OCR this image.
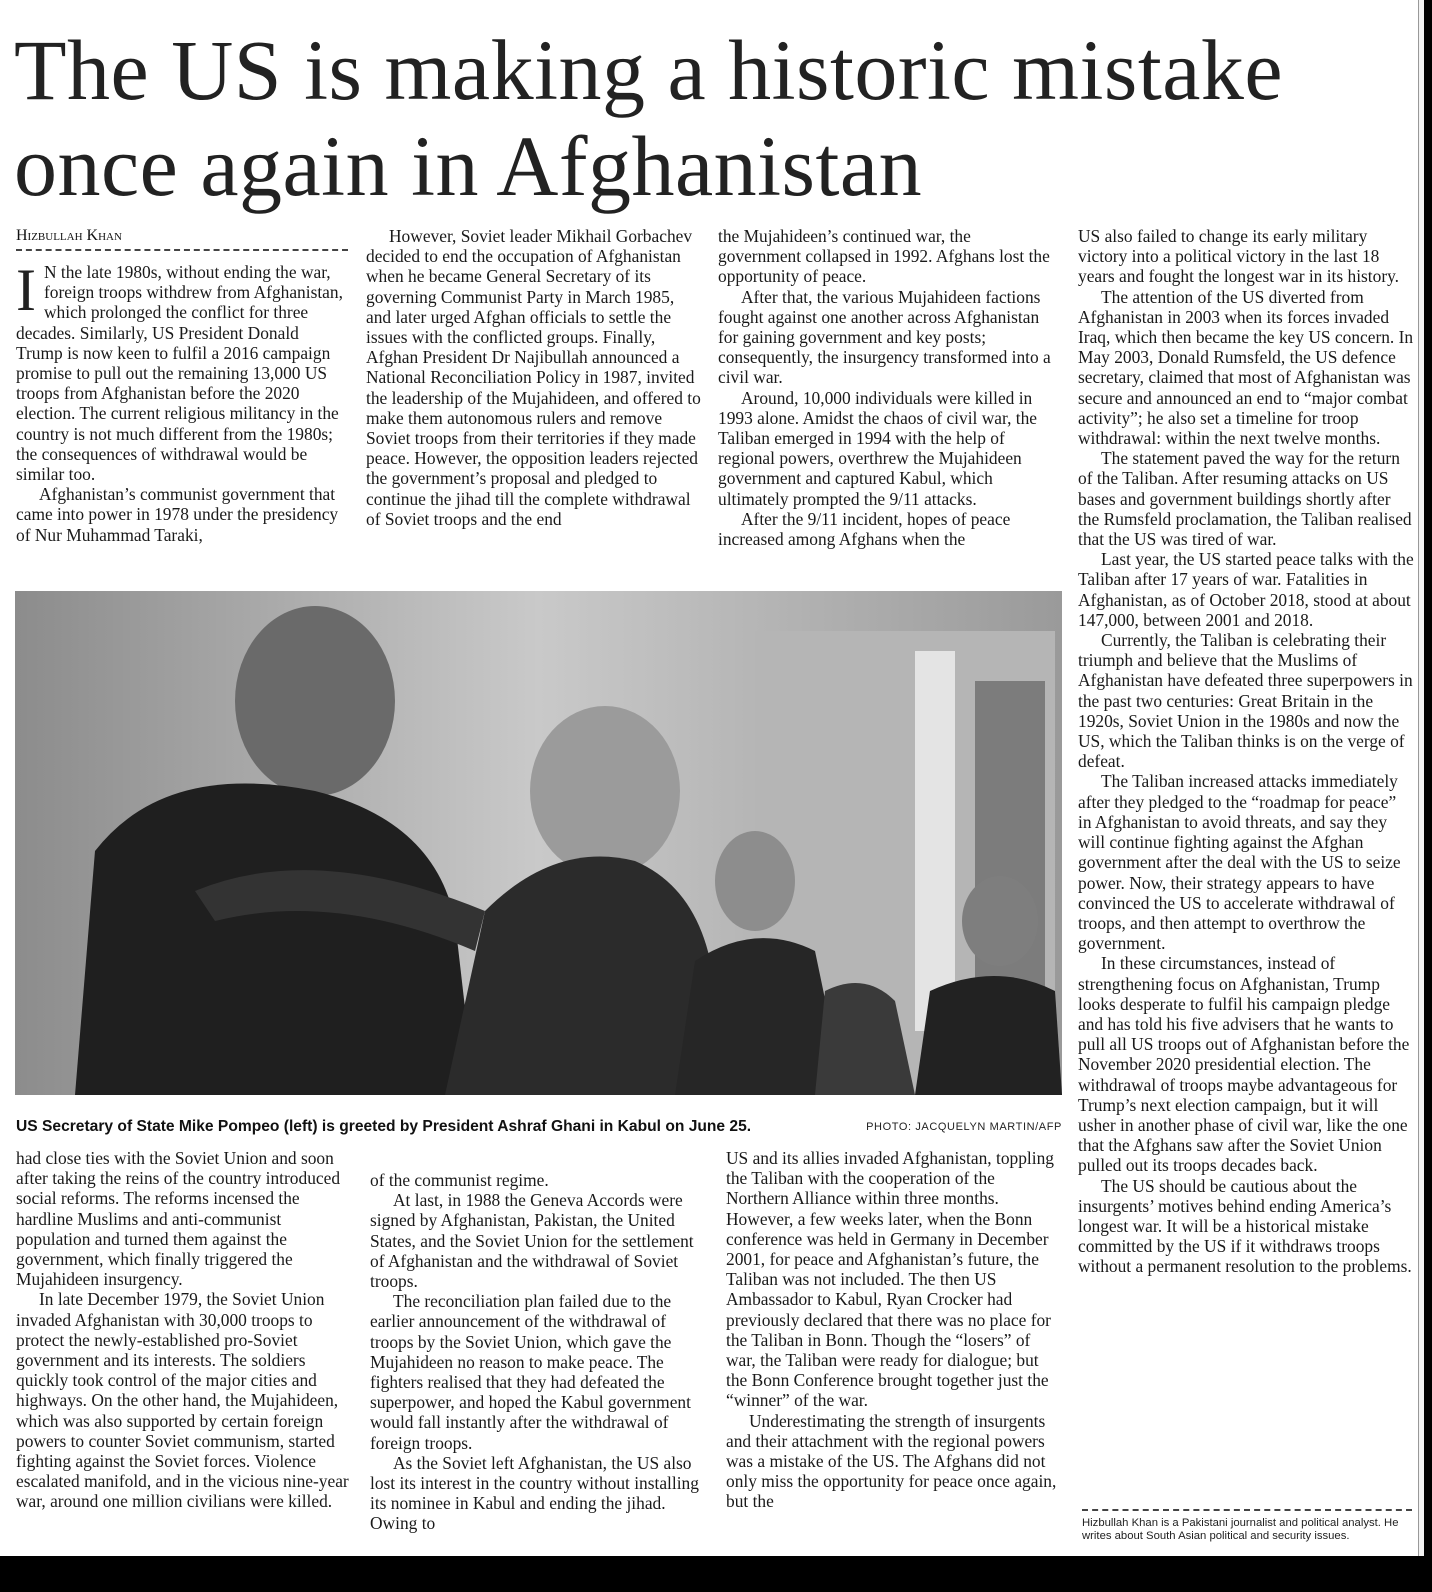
The US is making a historic mistake once again in Afghanistan
Hizbullah Khan

I N the late 1980s, without ending the war, foreign troops withdrew from Afghanistan, which prolonged the conflict for three decades. Similarly, US President Donald Trump is now keen to fulfil a 2016 campaign promise to pull out the remaining 13,000 US troops from Afghanistan before the 2020 election. The current religious militancy in the country is not much different from the 1980s; the consequences of withdrawal would be similar too.

Afghanistan’s communist government that came into power in 1978 under the presidency of Nur Muhammad Taraki,

However, Soviet leader Mikhail Gorbachev decided to end the occupation of Afghanistan when he became General Secretary of its governing Communist Party in March 1985, and later urged Afghan officials to settle the issues with the conflicted groups. Finally, Afghan President Dr Najibullah announced a National Reconciliation Policy in 1987, invited the leadership of the Mujahideen, and offered to make them autonomous rulers and remove Soviet troops from their territories if they made peace. However, the opposition leaders rejected the government’s proposal and pledged to continue the jihad till the complete withdrawal of Soviet troops and the end

the Mujahideen’s continued war, the government collapsed in 1992. Afghans lost the opportunity of peace.

After that, the various Mujahideen factions fought against one another across Afghanistan for gaining government and key posts; consequently, the insurgency transformed into a civil war.

Around, 10,000 individuals were killed in 1993 alone. Amidst the chaos of civil war, the Taliban emerged in 1994 with the help of regional powers, overthrew the Mujahideen government and captured Kabul, which ultimately prompted the 9/11 attacks.

After the 9/11 incident, hopes of peace increased among Afghans when the

US also failed to change its early military victory into a political victory in the last 18 years and fought the longest war in its history.

The attention of the US diverted from Afghanistan in 2003 when its forces invaded Iraq, which then became the key US concern. In May 2003, Donald Rumsfeld, the US defence secretary, claimed that most of Afghanistan was secure and announced an end to “major combat activity”; he also set a timeline for troop withdrawal: within the next twelve months.

The statement paved the way for the return of the Taliban. After resuming attacks on US bases and government buildings shortly after the Rumsfeld proclamation, the Taliban realised that the US was tired of war.

Last year, the US started peace talks with the Taliban after 17 years of war. Fatalities in Afghanistan, as of October 2018, stood at about 147,000, between 2001 and 2018.

Currently, the Taliban is celebrating their triumph and believe that the Muslims of Afghanistan have defeated three superpowers in the past two centuries: Great Britain in the 1920s, Soviet Union in the 1980s and now the US, which the Taliban thinks is on the verge of defeat.

The Taliban increased attacks immediately after they pledged to the “roadmap for peace” in Afghanistan to avoid threats, and say they will continue fighting against the Afghan government after the deal with the US to seize power. Now, their strategy appears to have convinced the US to accelerate withdrawal of troops, and then attempt to overthrow the government.

In these circumstances, instead of strengthening focus on Afghanistan, Trump looks desperate to fulfil his campaign pledge and has told his five advisers that he wants to pull all US troops out of Afghanistan before the November 2020 presidential election. The withdrawal of troops maybe advantageous for Trump’s next election campaign, but it will usher in another phase of civil war, like the one that the Afghans saw after the Soviet Union pulled out its troops decades back.

The US should be cautious about the insurgents’ motives behind ending America’s longest war. It will be a historical mistake committed by the US if it withdraws troops without a permanent resolution to the problems.

US Secretary of State Mike Pompeo (left) is greeted by President Ashraf Ghani in Kabul on June 25.	PHOTO: JACQUELYN MARTIN/AFP

had close ties with the Soviet Union and soon after taking the reins of the country introduced social reforms. The reforms incensed the hardline Muslims and anti-communist population and turned them against the government, which finally triggered the Mujahideen insurgency.

In late December 1979, the Soviet Union invaded Afghanistan with 30,000 troops to protect the newly-established pro-Soviet government and its interests. The soldiers quickly took control of the major cities and highways. On the other hand, the Mujahideen, which was also supported by certain foreign powers to counter Soviet communism, started fighting against the Soviet forces. Violence escalated manifold, and in the vicious nine-year war, around one million civilians were killed.

of the communist regime.

At last, in 1988 the Geneva Accords were signed by Afghanistan, Pakistan, the United States, and the Soviet Union for the settlement of Afghanistan and the withdrawal of Soviet troops.

The reconciliation plan failed due to the earlier announcement of the withdrawal of troops by the Soviet Union, which gave the Mujahideen no reason to make peace. The fighters realised that they had defeated the superpower, and hoped the Kabul government would fall instantly after the withdrawal of foreign troops.

As the Soviet left Afghanistan, the US also lost its interest in the country without installing its nominee in Kabul and ending the jihad. Owing to

US and its allies invaded Afghanistan, toppling the Taliban with the cooperation of the Northern Alliance within three months. However, a few weeks later, when the Bonn conference was held in Germany in December 2001, for peace and Afghanistan’s future, the Taliban was not included. The then US Ambassador to Kabul, Ryan Crocker had previously declared that there was no place for the Taliban in Bonn. Though the “losers” of war, the Taliban were ready for dialogue; but the Bonn Conference brought together just the “winner” of the war.

Underestimating the strength of insurgents and their attachment with the regional powers was a mistake of the US. The Afghans did not only miss the opportunity for peace once again, but the

Hizbullah Khan is a Pakistani journalist and political analyst. He writes about South Asian political and security issues.
